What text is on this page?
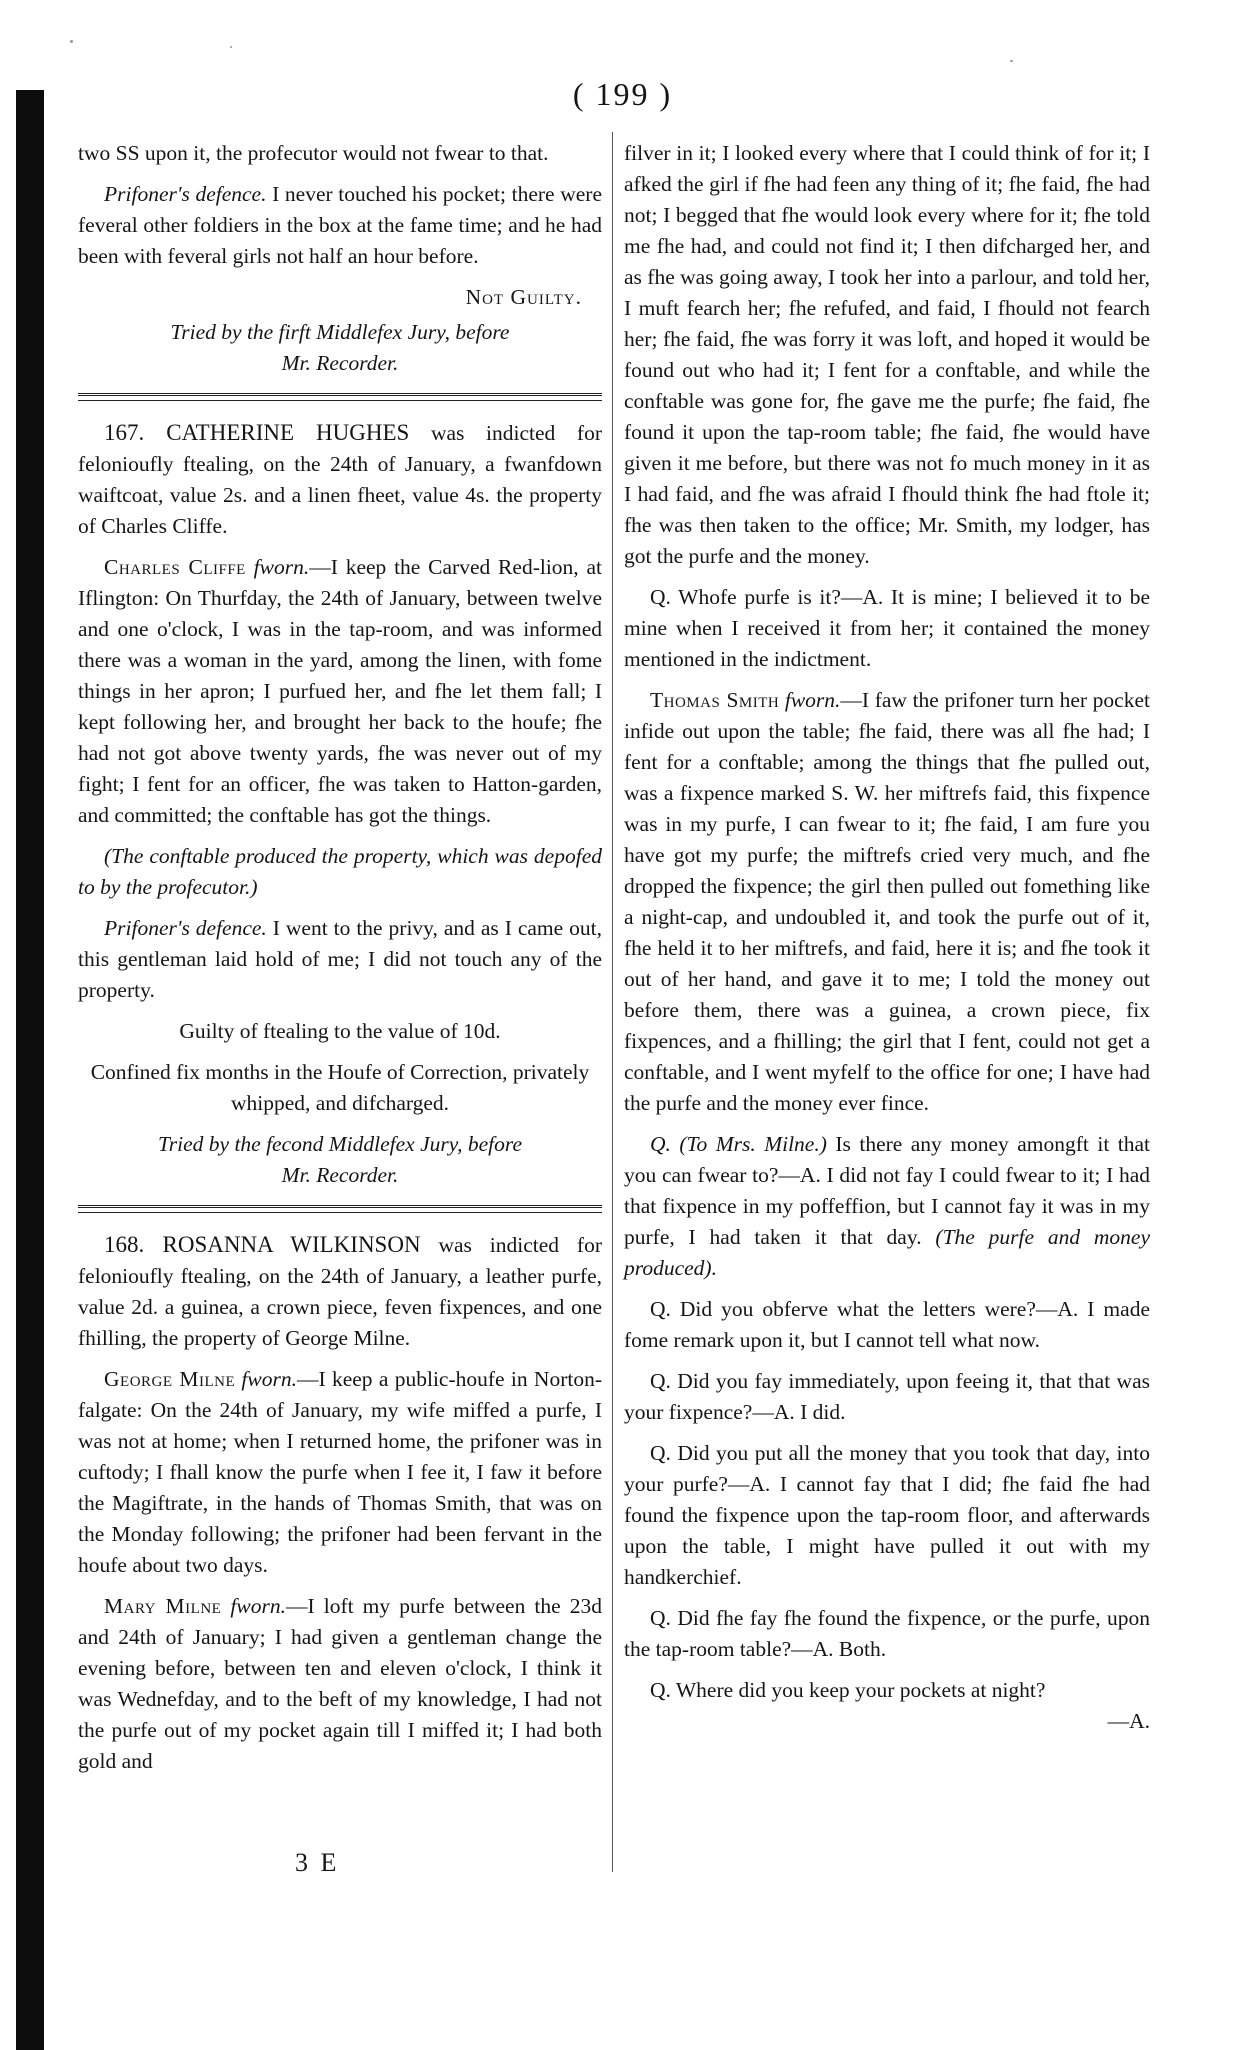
( 199 )

two SS upon it, the profecutor would not fwear to that.

Prifoner's defence. I never touched his pocket; there were feveral other foldiers in the box at the fame time; and he had been with feveral girls not half an hour before.

Not Guilty.

Tried by the firft Middlefex Jury, before
Mr. Recorder.

167. CATHERINE HUGHES was indicted for felonioufly ftealing, on the 24th of January, a fwanfdown waiftcoat, value 2s. and a linen fheet, value 4s. the property of Charles Cliffe.

Charles Cliffe fworn.—I keep the Carved Red-lion, at Iflington: On Thurfday, the 24th of January, between twelve and one o'clock, I was in the tap-room, and was informed there was a woman in the yard, among the linen, with fome things in her apron; I purfued her, and fhe let them fall; I kept following her, and brought her back to the houfe; fhe had not got above twenty yards, fhe was never out of my fight; I fent for an officer, fhe was taken to Hatton-garden, and committed; the conftable has got the things.

(The conftable produced the property, which was depofed to by the profecutor.)

Prifoner's defence. I went to the privy, and as I came out, this gentleman laid hold of me; I did not touch any of the property.

Guilty of ftealing to the value of 10d.

Confined fix months in the Houfe of Correction, privately whipped, and difcharged.

Tried by the fecond Middlefex Jury, before
Mr. Recorder.

168. ROSANNA WILKINSON was indicted for felonioufly ftealing, on the 24th of January, a leather purfe, value 2d. a guinea, a crown piece, feven fixpences, and one fhilling, the property of George Milne.

George Milne fworn.—I keep a public-houfe in Norton-falgate: On the 24th of January, my wife miffed a purfe, I was not at home; when I returned home, the prifoner was in cuftody; I fhall know the purfe when I fee it, I faw it before the Magiftrate, in the hands of Thomas Smith, that was on the Monday following; the prifoner had been fervant in the houfe about two days.

Mary Milne fworn.—I loft my purfe between the 23d and 24th of January; I had given a gentleman change the evening before, between ten and eleven o'clock, I think it was Wednefday, and to the beft of my knowledge, I had not the purfe out of my pocket again till I miffed it; I had both gold and

3 E

filver in it; I looked every where that I could think of for it; I afked the girl if fhe had feen any thing of it; fhe faid, fhe had not; I begged that fhe would look every where for it; fhe told me fhe had, and could not find it; I then difcharged her, and as fhe was going away, I took her into a parlour, and told her, I muft fearch her; fhe refufed, and faid, I fhould not fearch her; fhe faid, fhe was forry it was loft, and hoped it would be found out who had it; I fent for a conftable, and while the conftable was gone for, fhe gave me the purfe; fhe faid, fhe found it upon the tap-room table; fhe faid, fhe would have given it me before, but there was not fo much money in it as I had faid, and fhe was afraid I fhould think fhe had ftole it; fhe was then taken to the office; Mr. Smith, my lodger, has got the purfe and the money.

Q. Whofe purfe is it?—A. It is mine; I believed it to be mine when I received it from her; it contained the money mentioned in the indictment.

Thomas Smith fworn.—I faw the prifoner turn her pocket infide out upon the table; fhe faid, there was all fhe had; I fent for a conftable; among the things that fhe pulled out, was a fixpence marked S. W. her miftrefs faid, this fixpence was in my purfe, I can fwear to it; fhe faid, I am fure you have got my purfe; the miftrefs cried very much, and fhe dropped the fixpence; the girl then pulled out fomething like a night-cap, and undoubled it, and took the purfe out of it, fhe held it to her miftrefs, and faid, here it is; and fhe took it out of her hand, and gave it to me; I told the money out before them, there was a guinea, a crown piece, fix fixpences, and a fhilling; the girl that I fent, could not get a conftable, and I went myfelf to the office for one; I have had the purfe and the money ever fince.

Q. (To Mrs. Milne.) Is there any money amongft it that you can fwear to?—A. I did not fay I could fwear to it; I had that fixpence in my poffeffion, but I cannot fay it was in my purfe, I had taken it that day. (The purfe and money produced).

Q. Did you obferve what the letters were?—A. I made fome remark upon it, but I cannot tell what now.

Q. Did you fay immediately, upon feeing it, that that was your fixpence?—A. I did.

Q. Did you put all the money that you took that day, into your purfe?—A. I cannot fay that I did; fhe faid fhe had found the fixpence upon the tap-room floor, and afterwards upon the table, I might have pulled it out with my handkerchief.

Q. Did fhe fay fhe found the fixpence, or the purfe, upon the tap-room table?—A. Both.

Q. Where did you keep your pockets at night?

—A.
